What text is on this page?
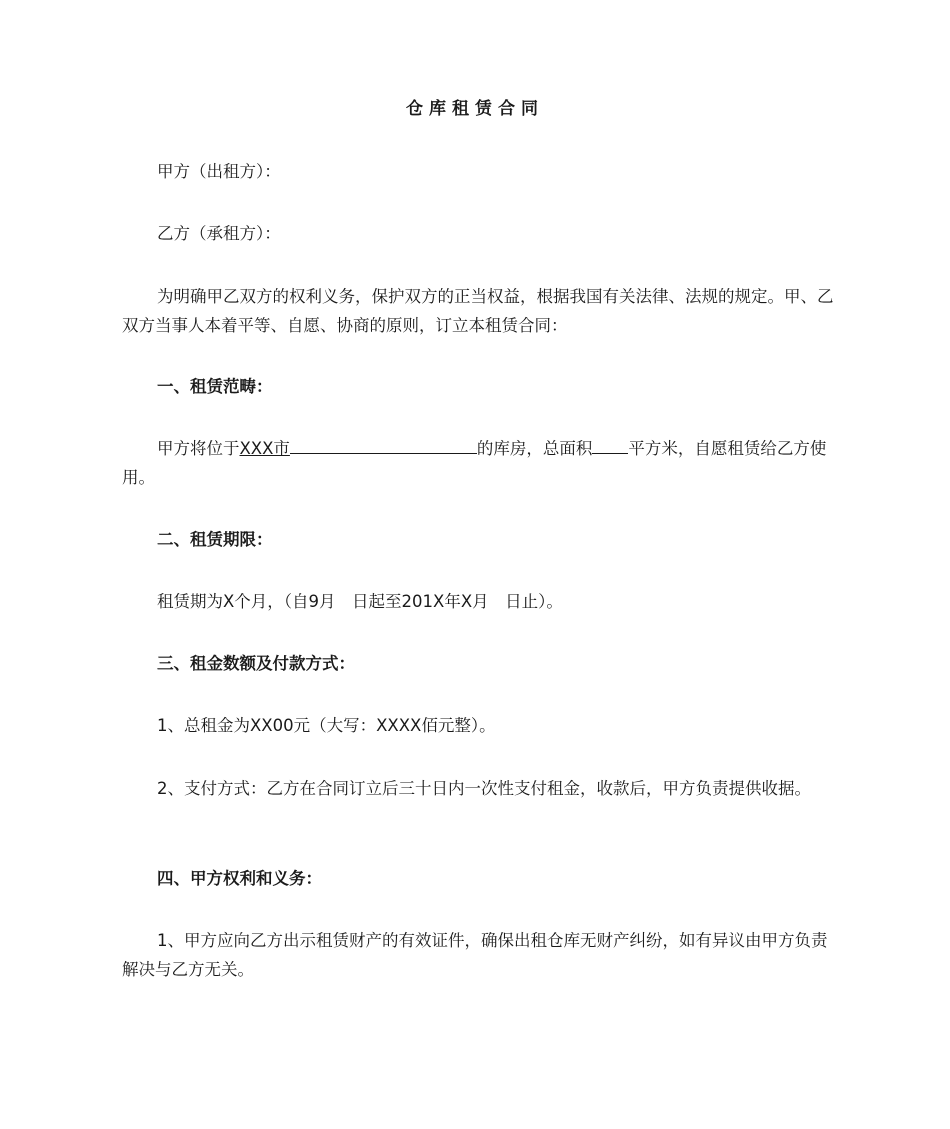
仓库租赁合同
甲方（出租方）：
乙方（承租方）：
为明确甲乙双方的权利义务，保护双方的正当权益，根据我国有关法律、法规的规定。甲、乙双方当事人本着平等、自愿、协商的原则，订立本租赁合同：
一、租赁范畴：
甲方将位于XXX市	的库房，总面积 平方米，自愿租赁给乙方使用。
二、租赁期限：
租赁期为X个月，（自9月　日起至201X年X月　日止）。
三、租金数额及付款方式：
1、总租金为XX00元（大写：XXXX佰元整）。
2、支付方式：乙方在合同订立后三十日内一次性支付租金，收款后，甲方负责提供收据。
四、甲方权利和义务：
1、甲方应向乙方出示租赁财产的有效证件，确保出租仓库无财产纠纷，如有异议由甲方负责解决与乙方无关。
